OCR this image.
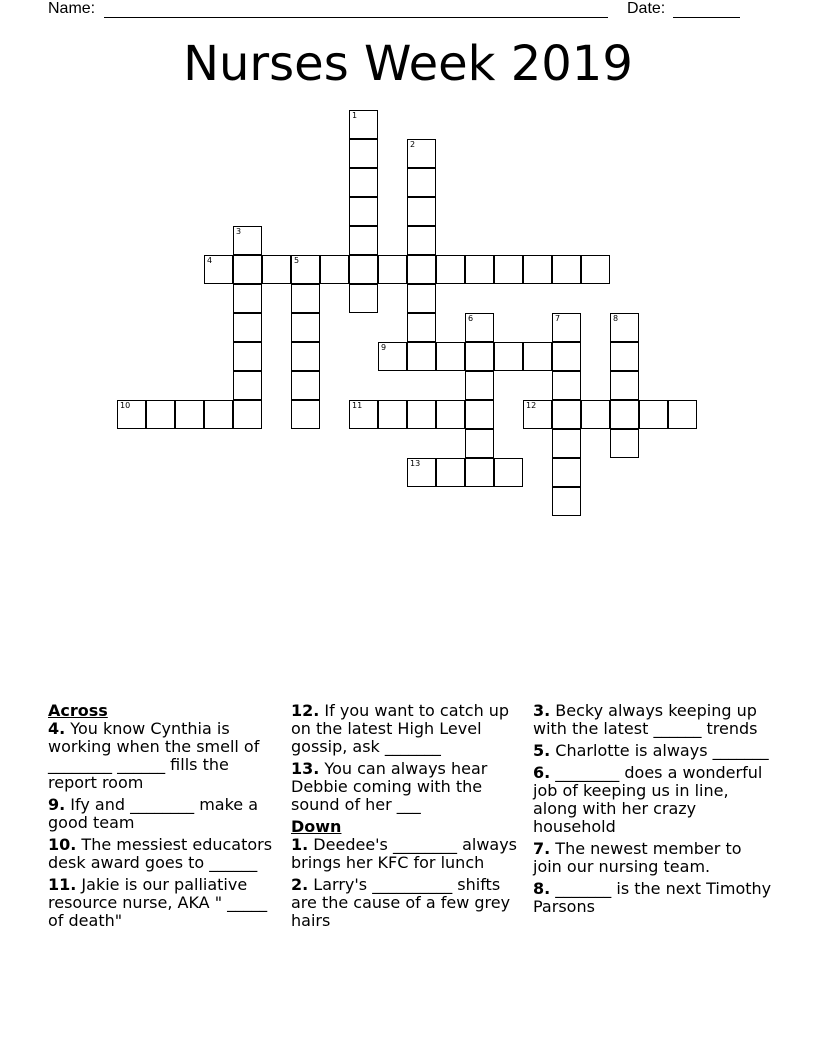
Name:	Date:
Nurses Week 2019
1
2
3
4	5
6	7	8
9
10	11	12
13
Across
4. You know Cynthia is working when the smell of ________ ______ fills the report room
9. Ify and ________ make a good team
10. The messiest educators desk award goes to ______
11. Jakie is our palliative resource nurse, AKA " _____ of death"
12. If you want to catch up on the latest High Level gossip, ask _______
13. You can always hear Debbie coming with the sound of her ___
Down
1. Deedee's ________ always brings her KFC for lunch
2. Larry's __________ shifts are the cause of a few grey hairs
3. Becky always keeping up with the latest ______ trends
5. Charlotte is always _______
6. ________ does a wonderful job of keeping us in line, along with her crazy household
7. The newest member to join our nursing team.
8. _______ is the next Timothy Parsons
